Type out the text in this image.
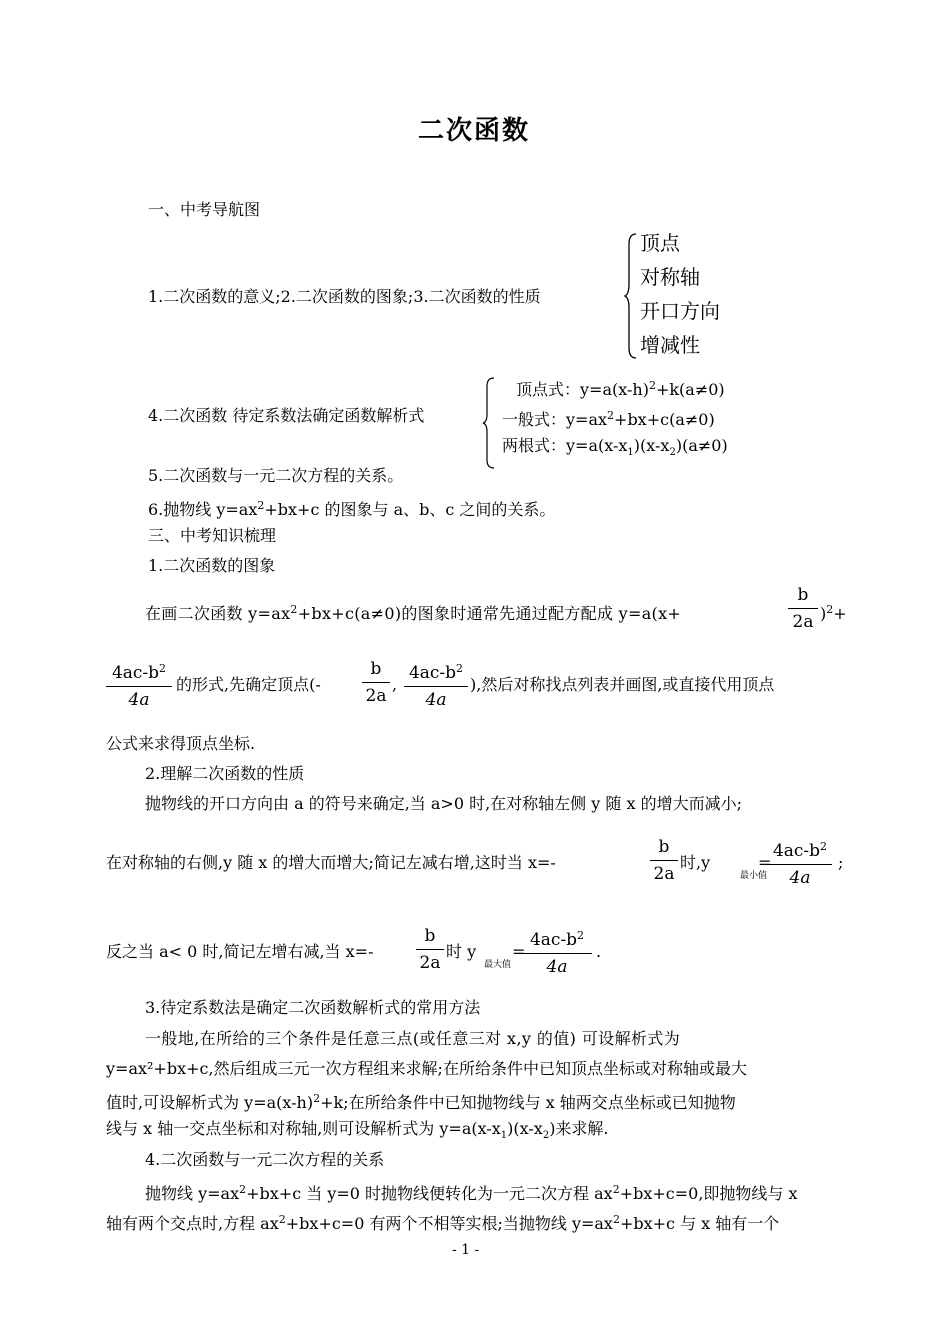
二次函数
一、中考导航图
1.二次函数的意义;2.二次函数的图象;3.二次函数的性质
顶点
对称轴
开口方向
增减性
4.二次函数 待定系数法确定函数解析式
顶点式：$y=a(x-h)^2+k(a\ne 0)$
一般式：$y=ax^2+bx+c(a\ne 0)$
两根式：$y=a(x-x_1)(x-x_2)(a\ne 0)$
5.二次函数与一元二次方程的关系。
6.抛物线 $y=ax^2+bx+c$ 的图象与 a、b、c 之间的关系。
三、中考知识梳理
1.二次函数的图象
在画二次函数 $y=ax^2+bx+c(a\ne 0)$的图象时通常先通过配方配成 y=a(x+
b
2a )$^2$+
$4ac-b^2$
4a
的形式,先确定顶点(-
b
2a
,
$4ac-b^2$
4a
),然后对称找点列表并画图,或直接代用顶点
公式来求得顶点坐标.
2.理解二次函数的性质
抛物线的开口方向由 a 的符号来确定,当 a>0 时,在对称轴左侧 y 随 x 的增大而减小;
在对称轴的右侧,y 随 x 的增大而增大;简记左减右增,这时当 x=-
b
2a
时,y
最小值
=
$4ac-b^2$
4a
;
反之当 a< 0 时,简记左增右减,当 x=-
b
2a
时 y
最大值
=
$4ac-b^2$
4a
.
3.待定系数法是确定二次函数解析式的常用方法
一般地,在所给的三个条件是任意三点(或任意三对 x,y 的值) 可设解析式为
y=ax²+bx+c,然后组成三元一次方程组来求解;在所给条件中已知顶点坐标或对称轴或最大
值时,可设解析式为 $y=a(x-h)^2+k$;在所给条件中已知抛物线与 x 轴两交点坐标或已知抛物
线与 x 轴一交点坐标和对称轴,则可设解析式为 $y=a(x-x_1)(x-x_2)$来求解.
4.二次函数与一元二次方程的关系
抛物线 $y=ax^2+bx+c$ 当 y=0 时抛物线便转化为一元二次方程 $ax^2+bx+c=0$,即抛物线与 x
轴有两个交点时,方程 $ax^2+bx+c=0$ 有两个不相等实根;当抛物线 $y=ax^2+bx+c$ 与 x 轴有一个
- 1 -
